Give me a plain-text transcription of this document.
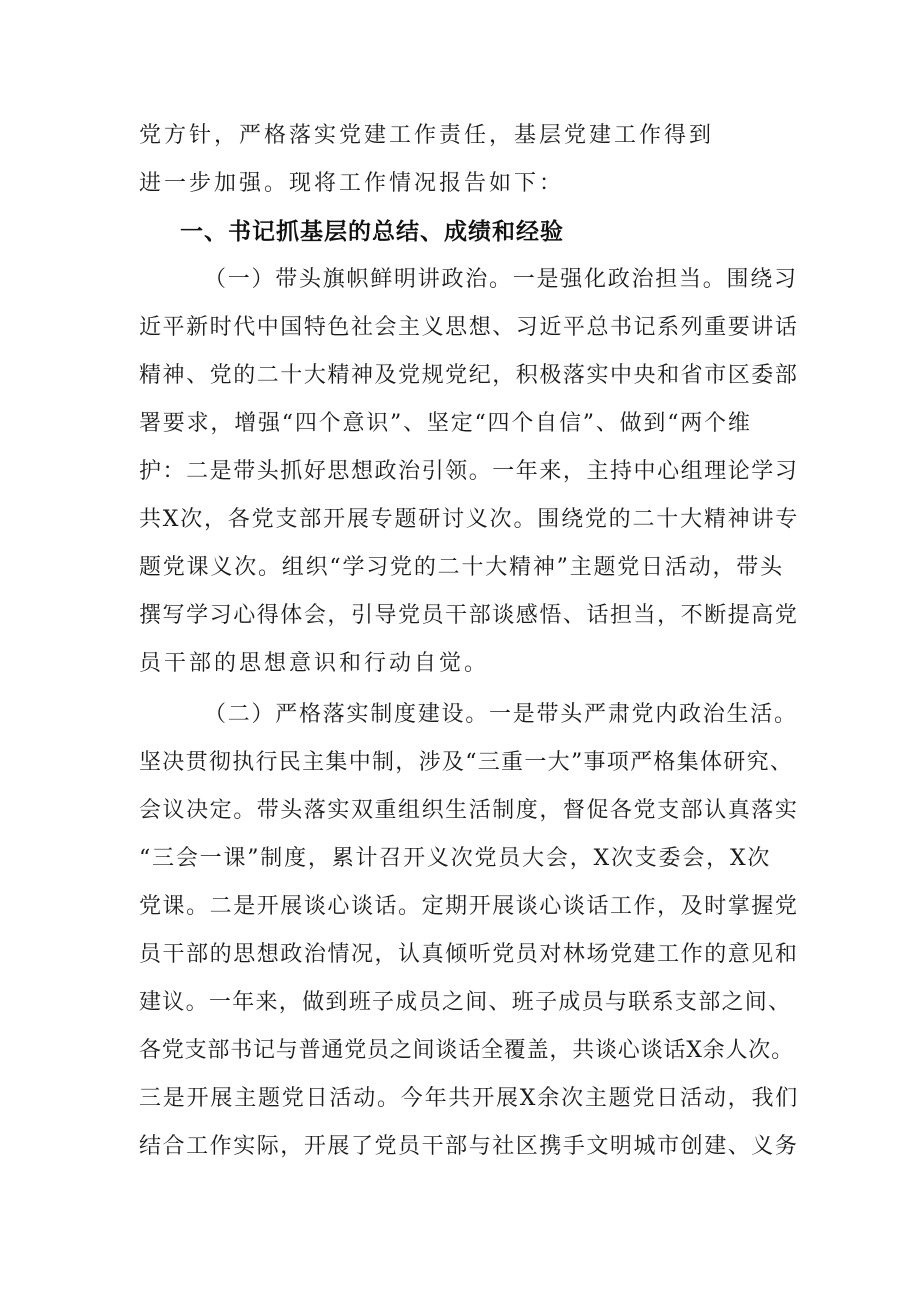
党方针，严格落实党建工作责任，基层党建工作得到
进一步加强。现将工作情况报告如下：
一、书记抓基层的总结、成绩和经验
（一）带头旗帜鲜明讲政治。一是强化政治担当。围绕习
近平新时代中国特色社会主义思想、习近平总书记系列重要讲话
精神、党的二十大精神及党规党纪，积极落实中央和省市区委部
署要求，增强“四个意识”、坚定“四个自信”、做到“两个维
护：二是带头抓好思想政治引领。一年来，主持中心组理论学习
共X次，各党支部开展专题研讨义次。围绕党的二十大精神讲专
题党课义次。组织“学习党的二十大精神”主题党日活动，带头
撰写学习心得体会，引导党员干部谈感悟、话担当，不断提高党
员干部的思想意识和行动自觉。
（二）严格落实制度建设。一是带头严肃党内政治生活。
坚决贯彻执行民主集中制，涉及“三重一大”事项严格集体研究、
会议决定。带头落实双重组织生活制度，督促各党支部认真落实
“三会一课”制度，累计召开义次党员大会，X次支委会，X次
党课。二是开展谈心谈话。定期开展谈心谈话工作，及时掌握党
员干部的思想政治情况，认真倾听党员对林场党建工作的意见和
建议。一年来，做到班子成员之间、班子成员与联系支部之间、
各党支部书记与普通党员之间谈话全覆盖，共谈心谈话X余人次。
三是开展主题党日活动。今年共开展X余次主题党日活动，我们
结合工作实际，开展了党员干部与社区携手文明城市创建、义务
